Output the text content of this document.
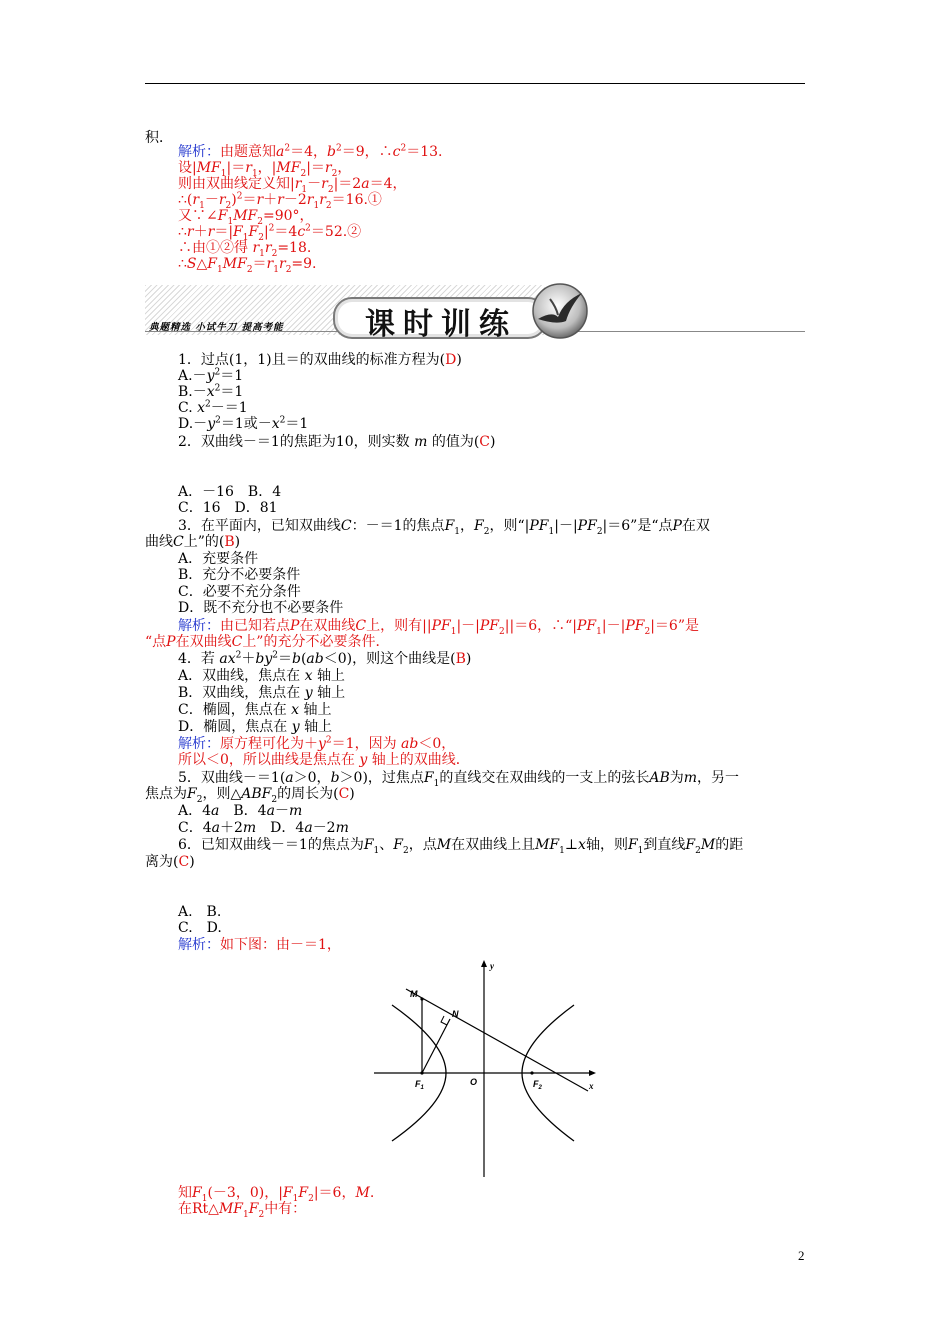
积．
解析：由题意知$a^2=4$，$b^2=9$，$\therefore c^2=13$.
设$|MF_1|=r_1$，$|MF_2|=r_2$，
则由双曲线定义知$|r_1-r_2|=2a=4$，
$\therefore(r_1-r_2)^2=r+r-2r_1r_2=16.①$
又$\because\angle F_1MF_2=90^\circ$，
$\therefore r+r=|F_1F_2|^2=4c^2=52.②$
∴由①②得 $r_1r_2=18$.
$\therefore S\triangle F_1MF_2=r_1r_2=9$.
典题精选 小试牛刀 提高考能	课时训练
1．过点(1，1)且＝的双曲线的标准方程为(D)
$A.-y^2=1$
$B.-x^2=1$
C. $x^2-=1$
$D.-y^2=1$或$-x^2=1$
2．双曲线－＝1的焦距为10，则实数 m 的值为(C)
A．－16　B．4
C．16　D．81
3．在平面内，已知双曲线C：－＝1的焦点$F_1$，$F_2$，则“$|PF_1|-|PF_2|=6$”是“点P在双
曲线C上”的(B)
A．充要条件
B．充分不必要条件
C．必要不充分条件
D．既不充分也不必要条件
解析：由已知若点P在双曲线C上，则有$||PF_1|-|PF_2||=6$，$\therefore“|PF_1|-|PF_2|=6$”是
“点P在双曲线C上”的充分不必要条件．
4．若 $ax^2+by^2=b(ab<0)$，则这个曲线是(B)
A．双曲线，焦点在 x 轴上
B．双曲线，焦点在 y 轴上
C．椭圆，焦点在 x 轴上
D．椭圆，焦点在 y 轴上
解析：原方程可化为$+y^2=1$，因为 ab＜0，
所以＜0，所以曲线是焦点在 y 轴上的双曲线．
5．双曲线－＝1(a＞0，b＞0)，过焦点$F_1$的直线交在双曲线的一支上的弦长AB为m，另一
焦点为$F_2$，则$\triangle ABF_2$的周长为(C)
A．4a　B．4a－m
C．4a＋2m　D．4a－2m
6．已知双曲线－＝1的焦点为$F_1$、$F_2$，点M在双曲线上且$MF_1\perp x$轴，则$F_1$到直线$F_2M$的距
离为(C)
A.　B.
C.　D.
解析：如下图：由－＝1，
y
x
M
N
$F_1$
O	$F_2$
知$F_1(-3$，0)，$|F_1F_2|=6$，M.
在$Rt\triangle MF_1F_2$中有：
2
